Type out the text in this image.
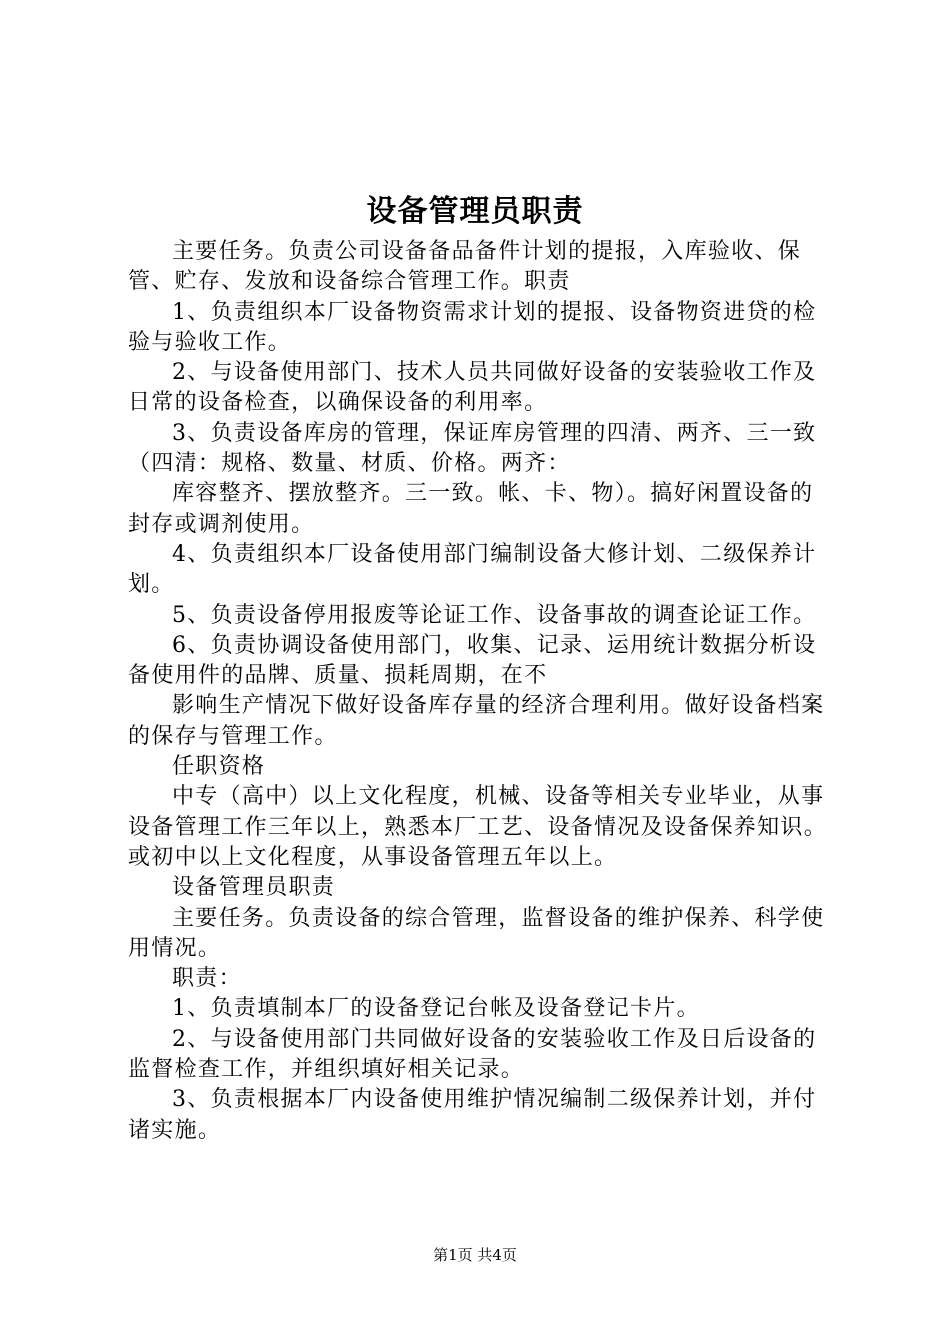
设备管理员职责

主要任务。负责公司设备备品备件计划的提报，入库验收、保管、贮存、发放和设备综合管理工作。职责

1、负责组织本厂设备物资需求计划的提报、设备物资进贷的检验与验收工作。

2、与设备使用部门、技术人员共同做好设备的安装验收工作及日常的设备检查，以确保设备的利用率。

3、负责设备库房的管理，保证库房管理的四清、两齐、三一致（四清：规格、数量、材质、价格。两齐：

库容整齐、摆放整齐。三一致。帐、卡、物）。搞好闲置设备的封存或调剂使用。

4、负责组织本厂设备使用部门编制设备大修计划、二级保养计划。

5、负责设备停用报废等论证工作、设备事故的调查论证工作。

6、负责协调设备使用部门，收集、记录、运用统计数据分析设备使用件的品牌、质量、损耗周期，在不

影响生产情况下做好设备库存量的经济合理利用。做好设备档案的保存与管理工作。

任职资格

中专（高中）以上文化程度，机械、设备等相关专业毕业，从事设备管理工作三年以上，熟悉本厂工艺、设备情况及设备保养知识。或初中以上文化程度，从事设备管理五年以上。

设备管理员职责

主要任务。负责设备的综合管理，监督设备的维护保养、科学使用情况。

职责：

1、负责填制本厂的设备登记台帐及设备登记卡片。

2、与设备使用部门共同做好设备的安装验收工作及日后设备的监督检查工作，并组织填好相关记录。

3、负责根据本厂内设备使用维护情况编制二级保养计划，并付诸实施。

第1页 共4页
